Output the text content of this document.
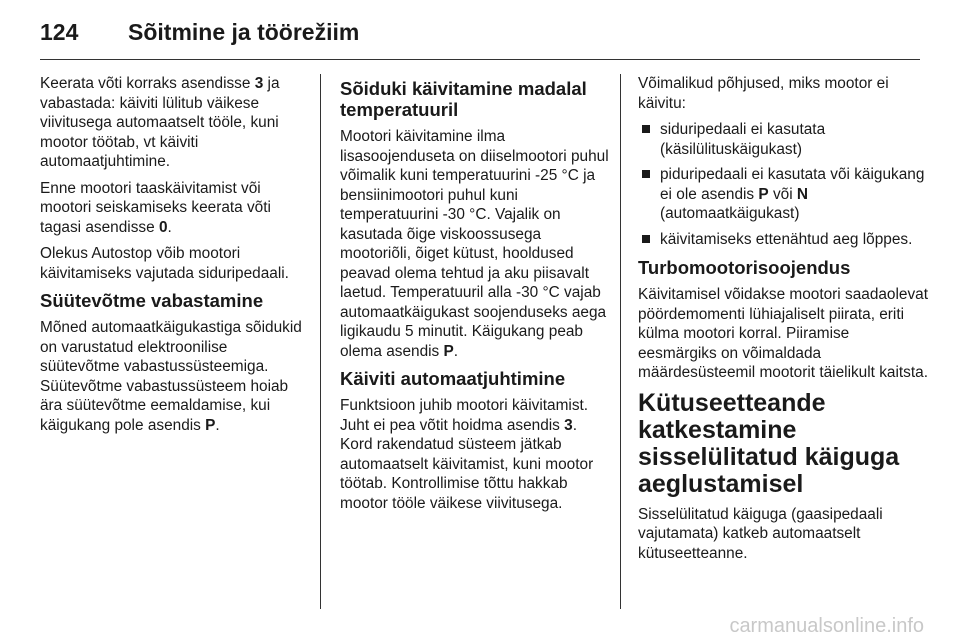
124 Sõitmine ja töörežiim

Keerata võti korraks asendisse 3 ja vabastada: käiviti lülitub väikese viivitusega automaatselt tööle, kuni mootor töötab, vt käiviti automaatjuhtimine.

Enne mootori taaskäivitamist või mootori seiskamiseks keerata võti tagasi asendisse 0.

Olekus Autostop võib mootori käivitamiseks vajutada siduripedaali.

Süütevõtme vabastamine

Mõned automaatkäigukastiga sõidukid on varustatud elektroonilise süütevõtme vabastussüsteemiga. Süütevõtme vabastussüsteem hoiab ära süütevõtme eemaldamise, kui käigukang pole asendis P.

Sõiduki käivitamine madalal temperatuuril

Mootori käivitamine ilma lisasoojenduseta on diiselmootori puhul võimalik kuni temperatuurini -25 °C ja bensiinimootori puhul kuni temperatuurini -30 °C. Vajalik on kasutada õige viskoossusega mootoriõli, õiget kütust, hooldused peavad olema tehtud ja aku piisavalt laetud. Temperatuuril alla -30 °C vajab automaatkäigukast soojenduseks aega ligikaudu 5 minutit. Käigukang peab olema asendis P.

Käiviti automaatjuhtimine

Funktsioon juhib mootori käivitamist. Juht ei pea võtit hoidma asendis 3. Kord rakendatud süsteem jätkab automaatselt käivitamist, kuni mootor töötab. Kontrollimise tõttu hakkab mootor tööle väikese viivitusega.

Võimalikud põhjused, miks mootor ei käivitu:

siduripedaali ei kasutata (käsilülituskäigukast)
piduripedaali ei kasutata või käigukang ei ole asendis P või N (automaatkäigukast)
käivitamiseks ettenähtud aeg lõppes.

Turbomootorisoojendus

Käivitamisel võidakse mootori saadaolevat pöördemomenti lühiajaliselt piirata, eriti külma mootori korral. Piiramise eesmärgiks on võimaldada määrdesüsteemil mootorit täielikult kaitsta.

Kütuseetteande
katkestamine
sisselülitatud käiguga
aeglustamisel

Sisselülitatud käiguga (gaasipedaali vajutamata) katkeb automaatselt kütuseetteanne.

carmanualsonline.info
